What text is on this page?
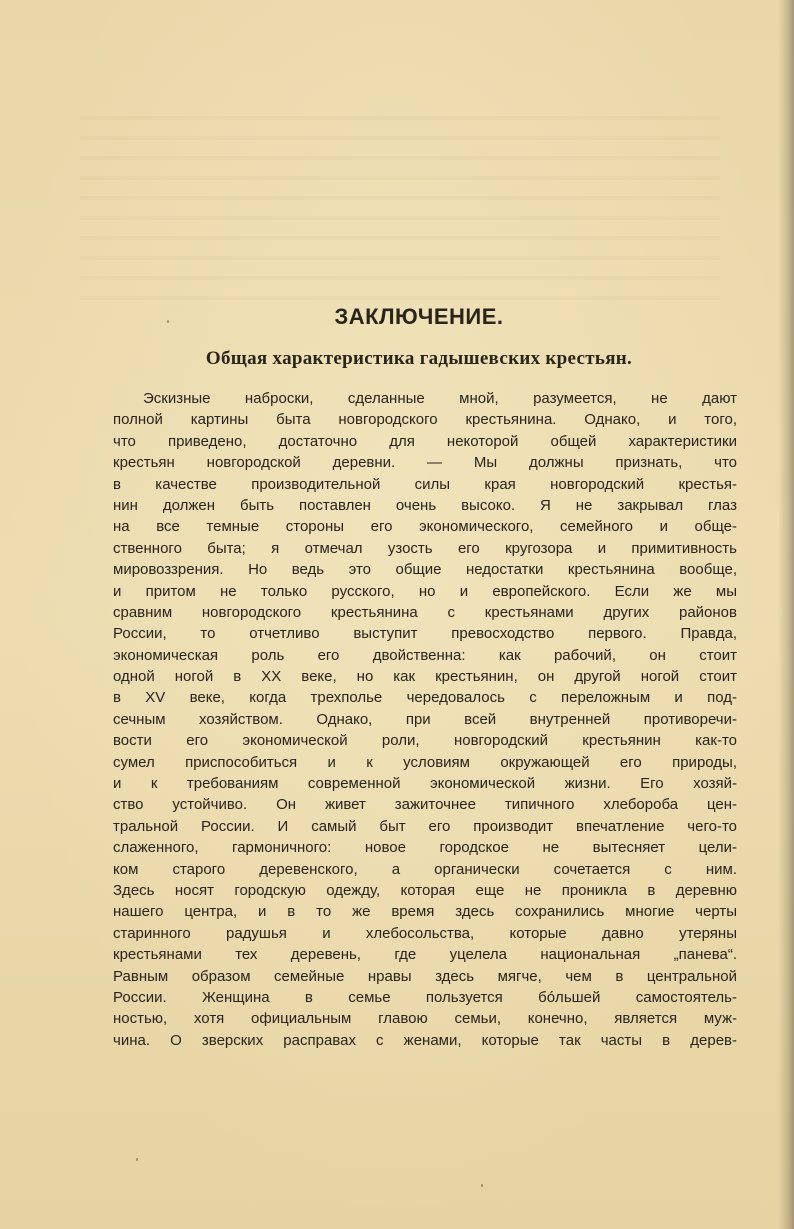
ЗАКЛЮЧЕНИЕ.
Общая характеристика гадышевских крестьян.
Эскизные наброски, сделанные мной, разумеется, не дают
полной картины быта новгородского крестьянина. Однако, и того,
что приведено, достаточно для некоторой общей характеристики
крестьян новгородской деревни. — Мы должны признать, что
в качестве производительной силы края новгородский крестья-
нин должен быть поставлен очень высоко. Я не закрывал глаз
на все темные стороны его экономического, семейного и обще-
ственного быта; я отмечал узость его кругозора и примитивность
мировоззрения. Но ведь это общие недостатки крестьянина вообще,
и притом не только русского, но и европейского. Если же мы
сравним новгородского крестьянина с крестьянами других районов
России, то отчетливо выступит превосходство первого. Правда,
экономическая роль его двойственна: как рабочий, он стоит
одной ногой в XX веке, но как крестьянин, он другой ногой стоит
в XV веке, когда трехполье чередовалось с переложным и под-
сечным хозяйством. Однако, при всей внутренней противоречи-
вости его экономической роли, новгородский крестьянин как-то
сумел приспособиться и к условиям окружающей его природы,
и к требованиям современной экономической жизни. Его хозяй-
ство устойчиво. Он живет зажиточнее типичного хлебороба цен-
тральной России. И самый быт его производит впечатление чего-то
слаженного, гармоничного: новое городское не вытесняет цели-
ком старого деревенского, а органически сочетается с ним.
Здесь носят городскую одежду, которая еще не проникла в деревню
нашего центра, и в то же время здесь сохранились многие черты
старинного радушья и хлебосольства, которые давно утеряны
крестьянами тех деревень, где уцелела национальная „панева“.
Равным образом семейные нравы здесь мягче, чем в центральной
России. Женщина в семье пользуется бóльшей самостоятель-
ностью, хотя официальным главою семьи, конечно, является муж-
чина. О зверских расправах с женами, которые так часты в дерев-
